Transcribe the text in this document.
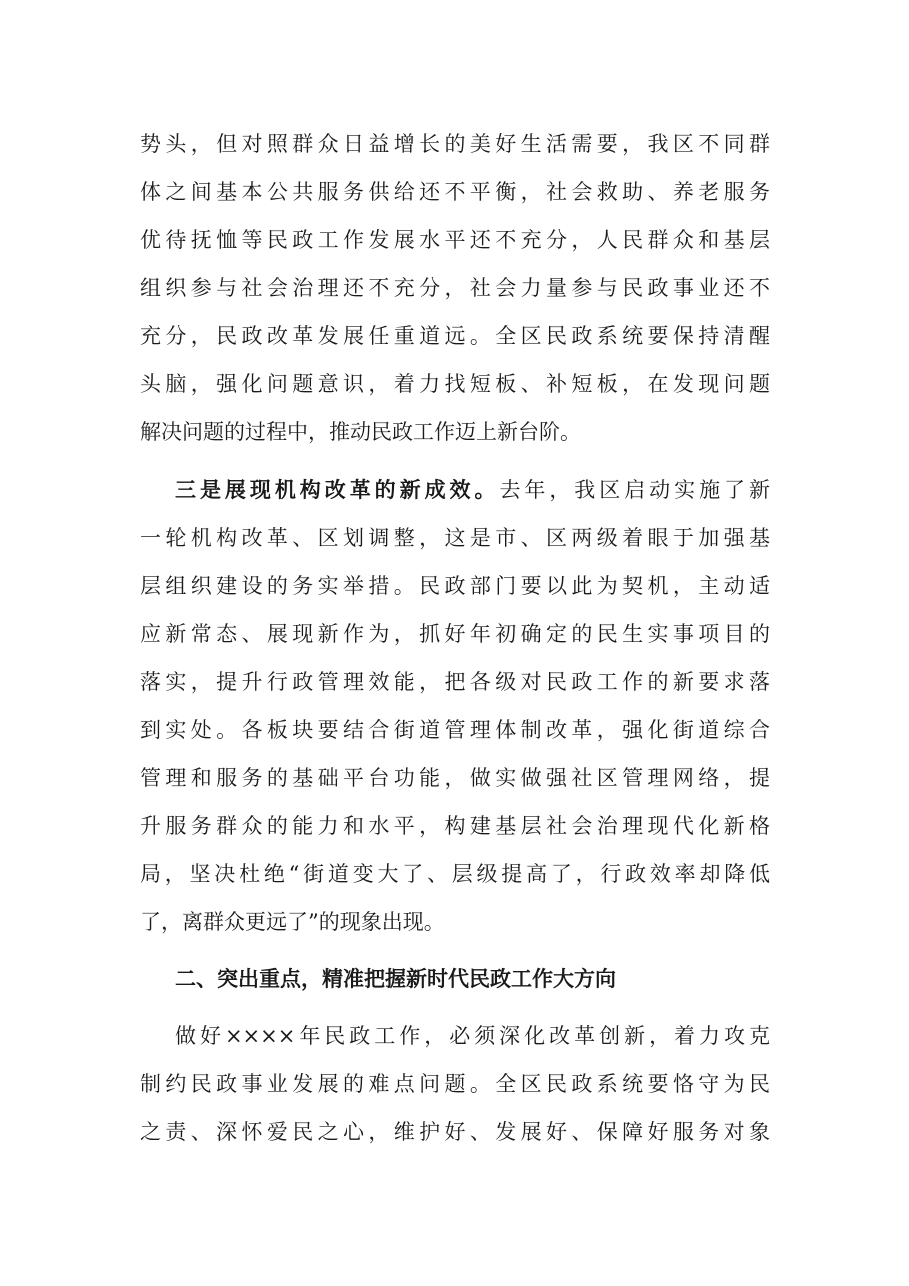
势头，但对照群众日益增长的美好生活需要，我区不同群
体之间基本公共服务供给还不平衡，社会救助、养老服务
优待抚恤等民政工作发展水平还不充分，人民群众和基层
组织参与社会治理还不充分，社会力量参与民政事业还不
充分，民政改革发展任重道远。全区民政系统要保持清醒
头脑，强化问题意识，着力找短板、补短板，在发现问题
解决问题的过程中，推动民政工作迈上新台阶。
三是展现机构改革的新成效。去年，我区启动实施了新
一轮机构改革、区划调整，这是市、区两级着眼于加强基
层组织建设的务实举措。民政部门要以此为契机，主动适
应新常态、展现新作为，抓好年初确定的民生实事项目的
落实，提升行政管理效能，把各级对民政工作的新要求落
到实处。各板块要结合街道管理体制改革，强化街道综合
管理和服务的基础平台功能，做实做强社区管理网络，提
升服务群众的能力和水平，构建基层社会治理现代化新格
局，坚决杜绝“街道变大了、层级提高了，行政效率却降低
了，离群众更远了”的现象出现。
二、突出重点，精准把握新时代民政工作大方向
做好××××年民政工作，必须深化改革创新，着力攻克
制约民政事业发展的难点问题。全区民政系统要恪守为民
之责、深怀爱民之心，维护好、发展好、保障好服务对象
